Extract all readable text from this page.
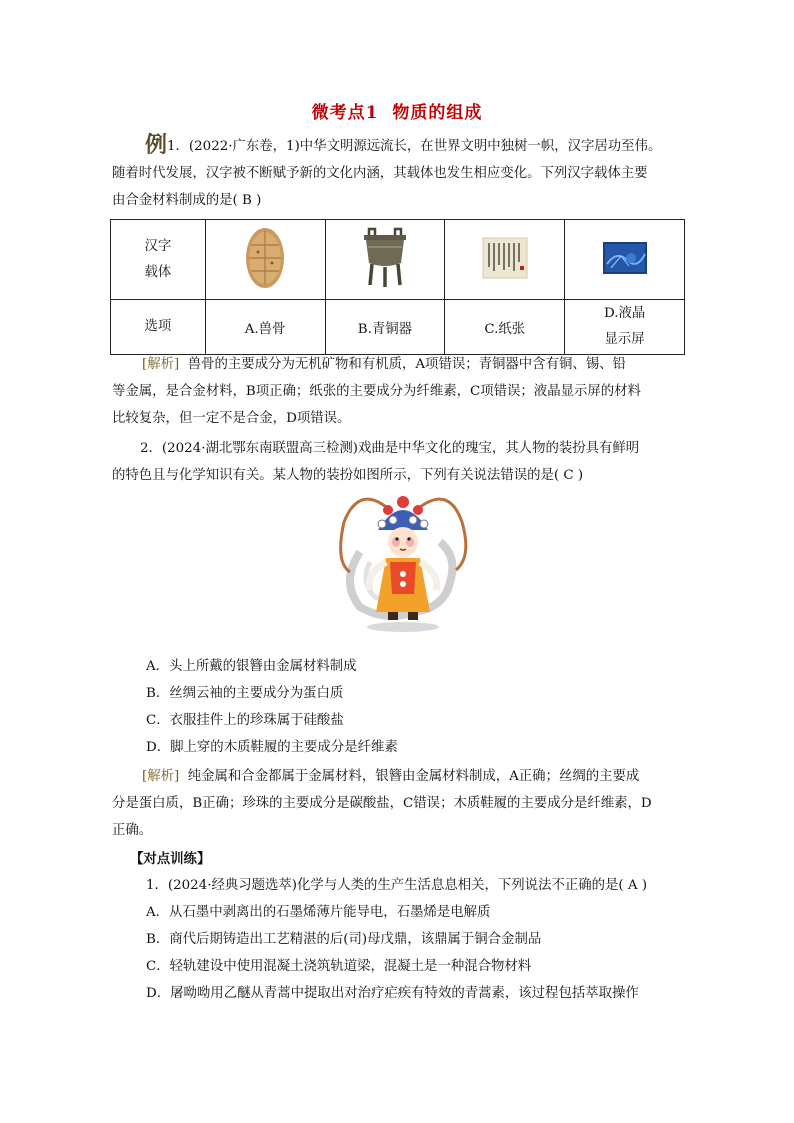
微考点1 物质的组成
例1．(2022·广东卷，1)中华文明源远流长，在世界文明中独树一帜，汉字居功至伟。
随着时代发展，汉字被不断赋予新的文化内涵，其载体也发生相应变化。下列汉字载体主要
由合金材料制成的是( B )
汉字
载体

选项	A.兽骨	B.青铜器	C.纸张	D.液晶
显示屏
[解析] 兽骨的主要成分为无机矿物和有机质，A项错误；青铜器中含有铜、锡、铅
等金属，是合金材料，B项正确；纸张的主要成分为纤维素，C项错误；液晶显示屏的材料
比较复杂，但一定不是合金，D项错误。
2．(2024·湖北鄂东南联盟高三检测)戏曲是中华文化的瑰宝，其人物的装扮具有鲜明
的特色且与化学知识有关。某人物的装扮如图所示，下列有关说法错误的是( C )
A．头上所戴的银簪由金属材料制成
B．丝绸云袖的主要成分为蛋白质
C．衣服挂件上的珍珠属于硅酸盐
D．脚上穿的木质鞋履的主要成分是纤维素
[解析] 纯金属和合金都属于金属材料，银簪由金属材料制成，A正确；丝绸的主要成
分是蛋白质，B正确；珍珠的主要成分是碳酸盐，C错误；木质鞋履的主要成分是纤维素，D
正确。
【对点训练】
1．(2024·经典习题选萃)化学与人类的生产生活息息相关，下列说法不正确的是( A )
A．从石墨中剥离出的石墨烯薄片能导电，石墨烯是电解质
B．商代后期铸造出工艺精湛的后(司)母戊鼎，该鼎属于铜合金制品
C．轻轨建设中使用混凝土浇筑轨道梁，混凝土是一种混合物材料
D．屠呦呦用乙醚从青蒿中提取出对治疗疟疾有特效的青蒿素，该过程包括萃取操作
